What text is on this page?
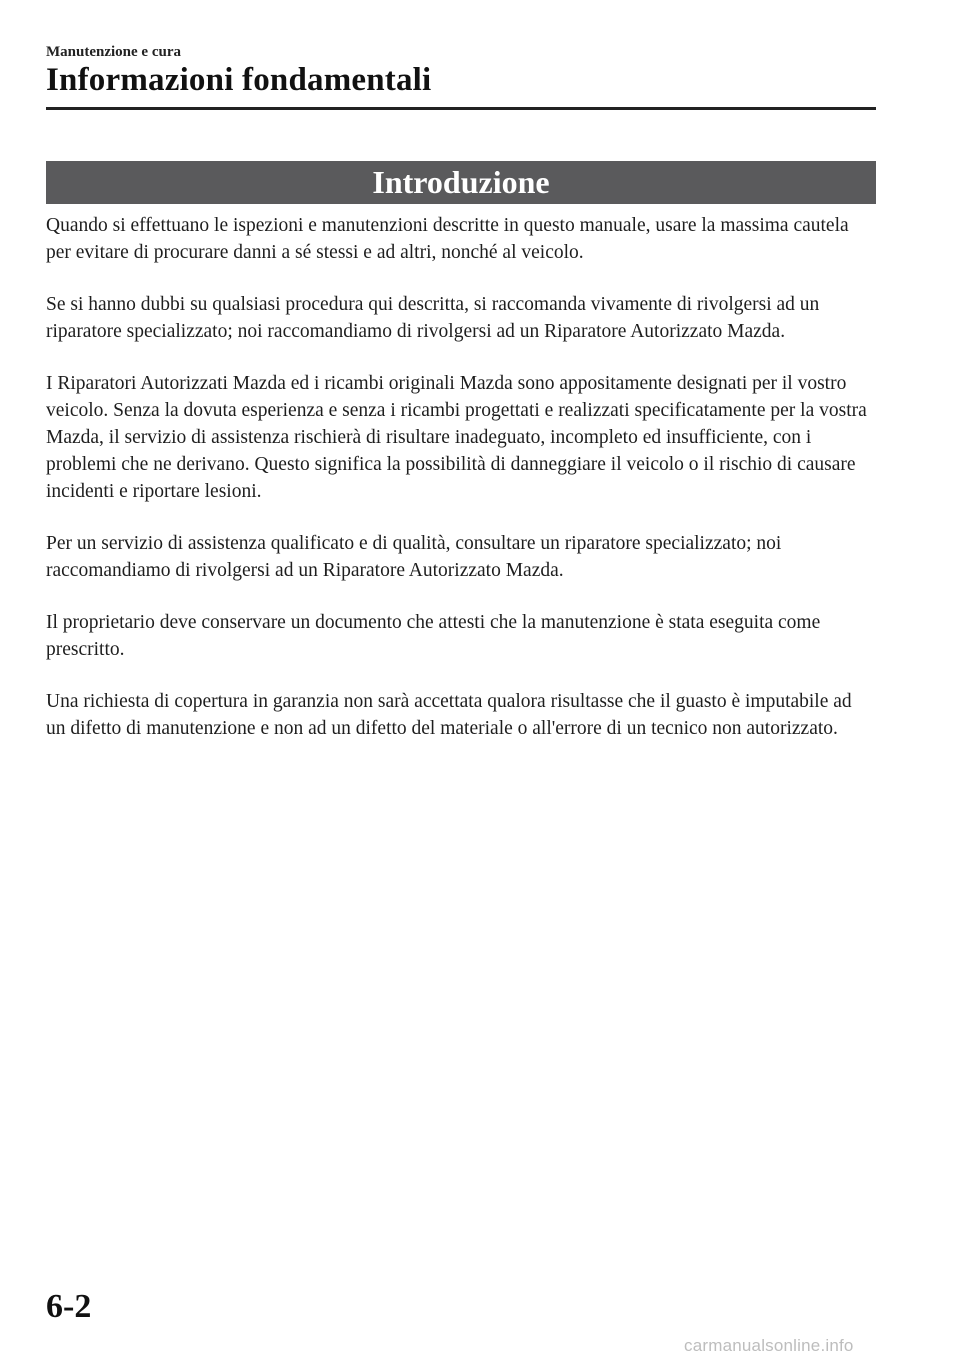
Manutenzione e cura
Informazioni fondamentali
Introduzione

Quando si effettuano le ispezioni e manutenzioni descritte in questo manuale, usare la massima cautela per evitare di procurare danni a sé stessi e ad altri, nonché al veicolo.

Se si hanno dubbi su qualsiasi procedura qui descritta, si raccomanda vivamente di rivolgersi ad un riparatore specializzato; noi raccomandiamo di rivolgersi ad un Riparatore Autorizzato Mazda.

I Riparatori Autorizzati Mazda ed i ricambi originali Mazda sono appositamente designati per il vostro veicolo. Senza la dovuta esperienza e senza i ricambi progettati e realizzati specificatamente per la vostra Mazda, il servizio di assistenza rischierà di risultare inadeguato, incompleto ed insufficiente, con i problemi che ne derivano. Questo significa la possibilità di danneggiare il veicolo o il rischio di causare incidenti e riportare lesioni.

Per un servizio di assistenza qualificato e di qualità, consultare un riparatore specializzato; noi raccomandiamo di rivolgersi ad un Riparatore Autorizzato Mazda.

Il proprietario deve conservare un documento che attesti che la manutenzione è stata eseguita come prescritto.

Una richiesta di copertura in garanzia non sarà accettata qualora risultasse che il guasto è imputabile ad un difetto di manutenzione e non ad un difetto del materiale o all'errore di un tecnico non autorizzato.

6-2
carmanualsonline.info
